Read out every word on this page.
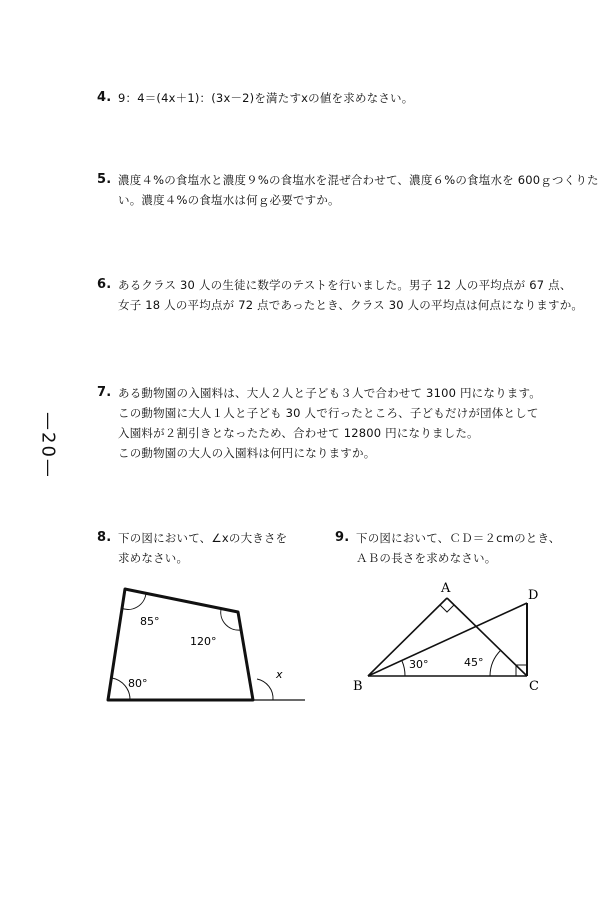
—20—
4. 9：4＝(4x＋1)：(3x－2)を満たすxの値を求めなさい。
5. 濃度４%の食塩水と濃度９%の食塩水を混ぜ合わせて、濃度６%の食塩水を 600ｇつくりた
い。濃度４%の食塩水は何ｇ必要ですか。
6. あるクラス 30 人の生徒に数学のテストを行いました。男子 12 人の平均点が 67 点、
女子 18 人の平均点が 72 点であったとき、クラス 30 人の平均点は何点になりますか。
7. ある動物園の入園料は、大人２人と子ども３人で合わせて 3100 円になります。
この動物園に大人１人と子ども 30 人で行ったところ、子どもだけが団体として
入園料が２割引きとなったため、合わせて 12800 円になりました。
この動物園の大人の入園料は何円になりますか。
8. 下の図において、∠xの大きさを
求めなさい。
9. 下の図において、ＣＤ＝２cmのとき、
ＡＢの長さを求めなさい。
85°
120°
80°
x
A
B	C
D
30°	45°
